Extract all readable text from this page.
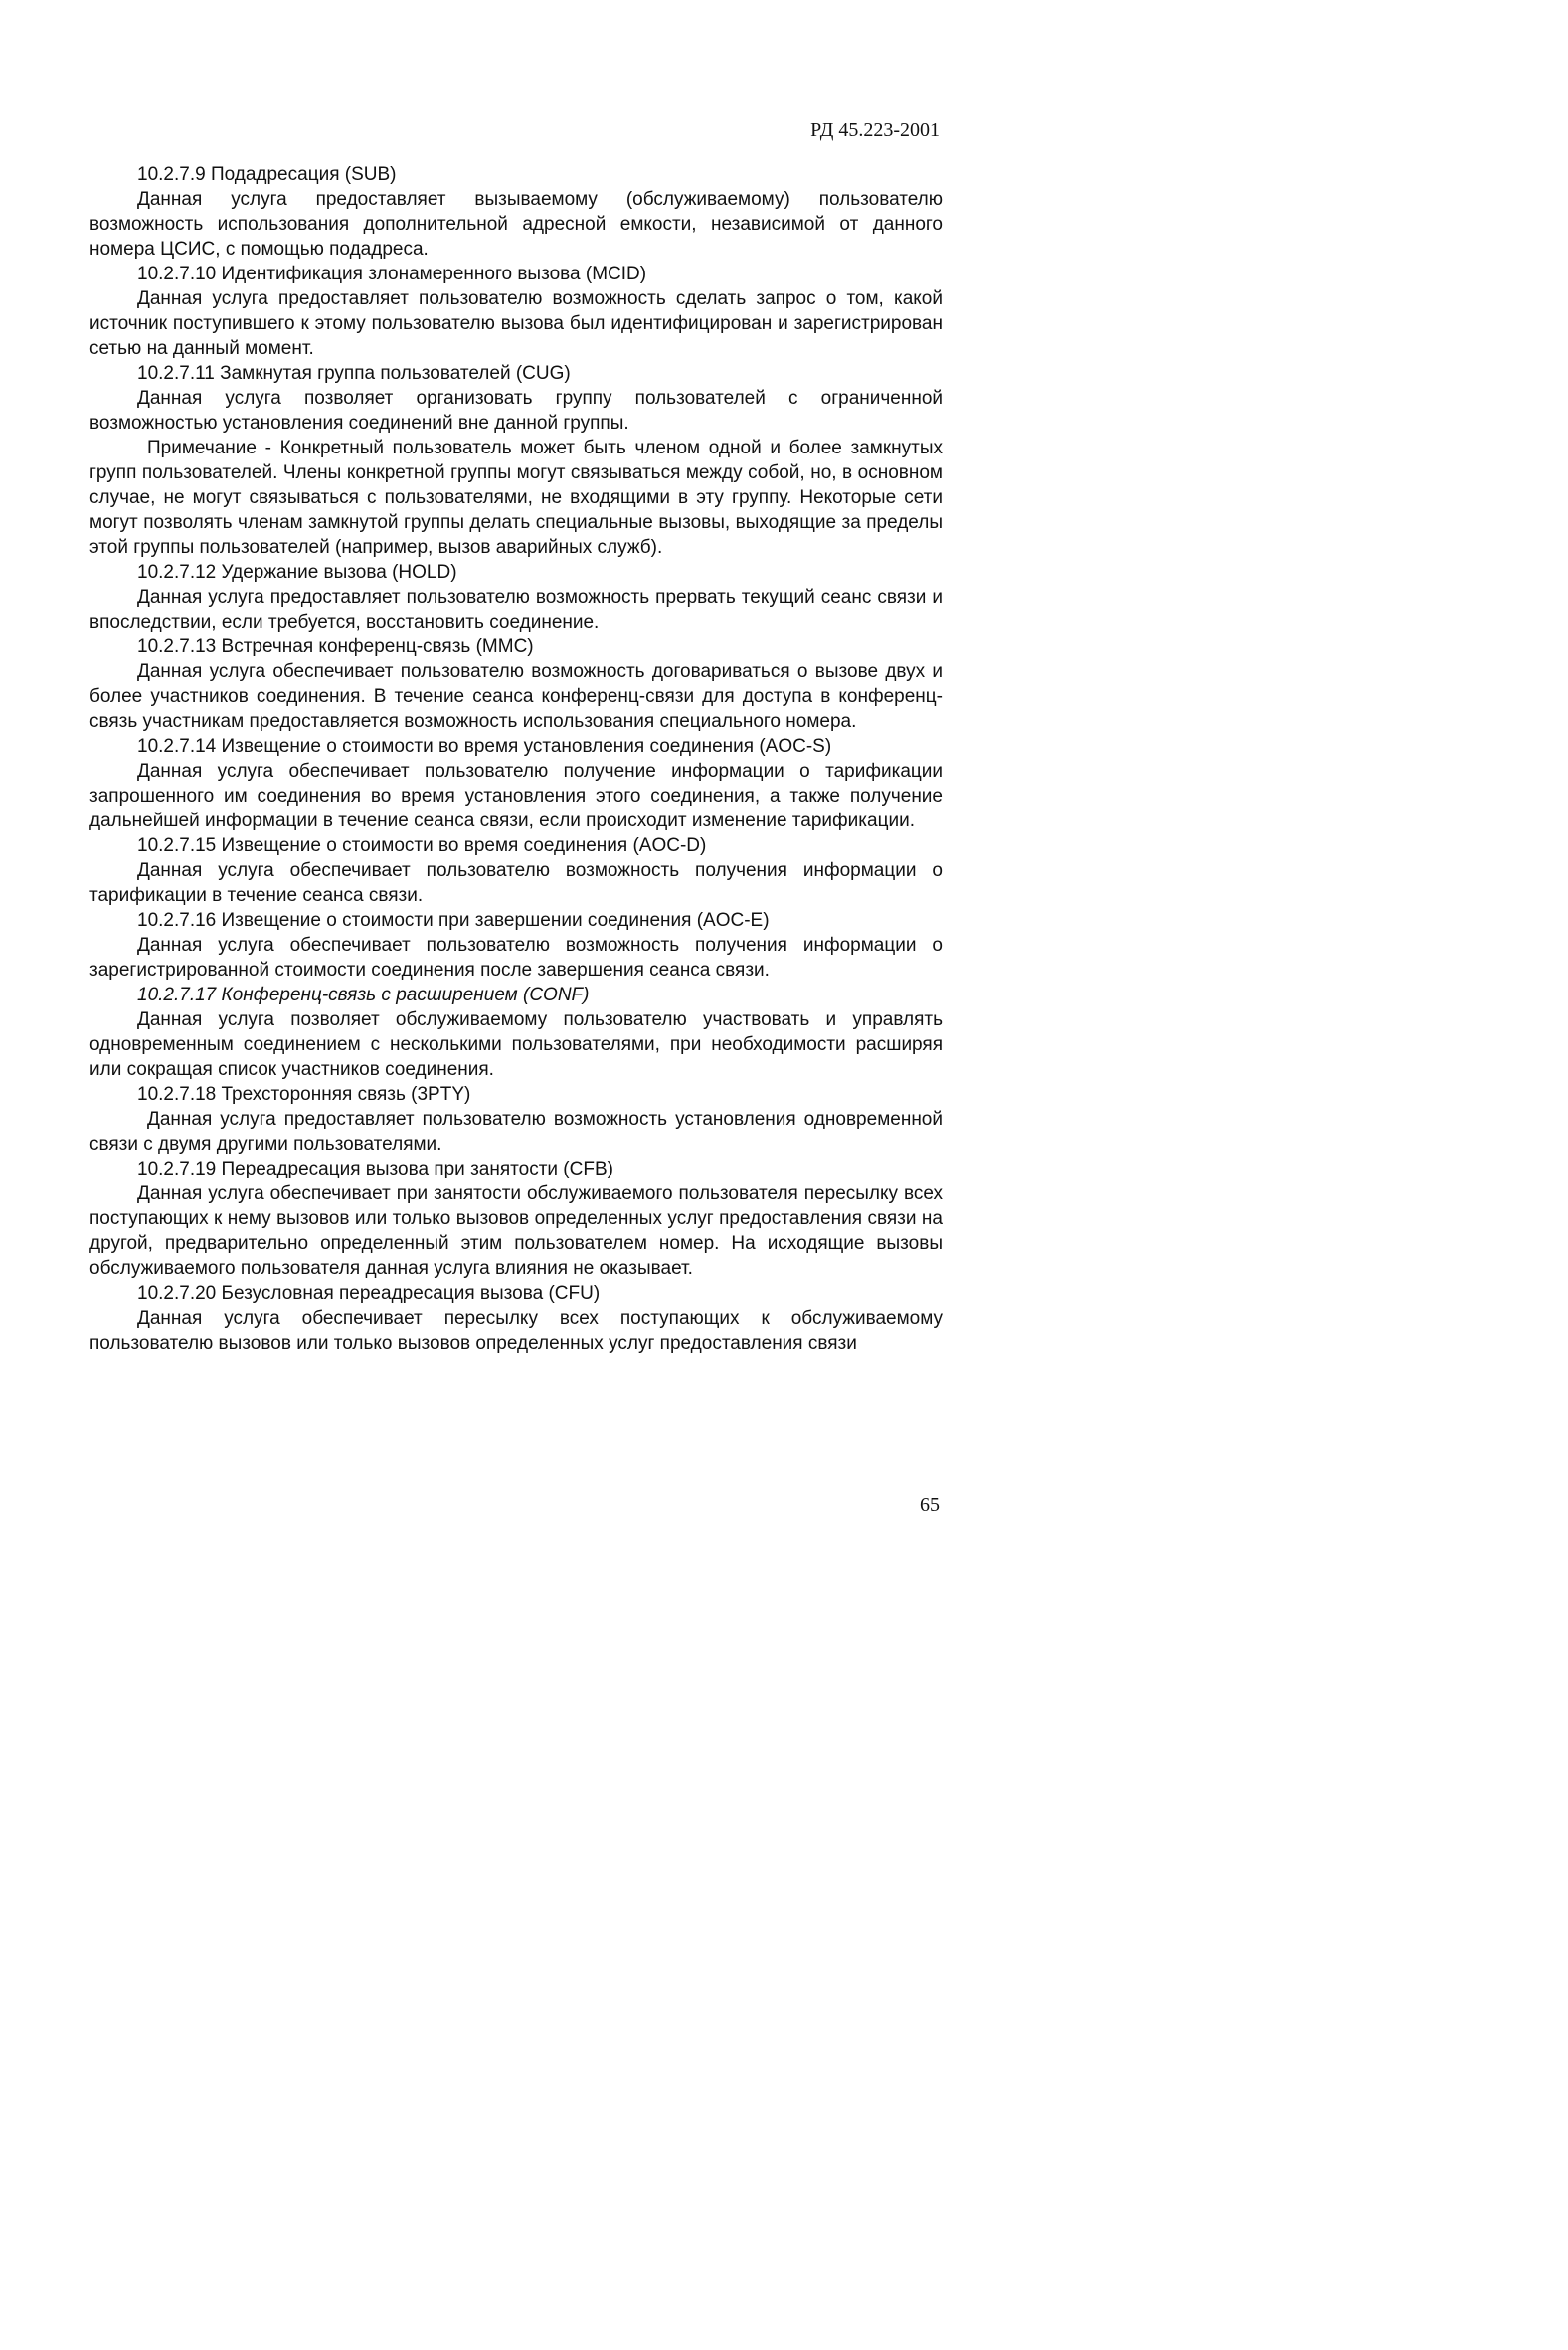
РД 45.223-2001

10.2.7.9 Подадресация (SUB)

Данная услуга предоставляет вызываемому (обслуживаемому) пользователю возможность использования дополнительной адресной емкости, независимой от данного номера ЦСИС, с помощью подадреса.

10.2.7.10 Идентификация злонамеренного вызова (MCID)

Данная услуга предоставляет пользователю возможность сделать запрос о том, какой источник поступившего к этому пользователю вызова был идентифицирован и зарегистрирован сетью на данный момент.

10.2.7.11 Замкнутая группа пользователей (CUG)

Данная услуга позволяет организовать группу пользователей с ограниченной возможностью установления соединений вне данной группы.

Примечание - Конкретный пользователь может быть членом одной и более замкнутых групп пользователей. Члены конкретной группы могут связываться между собой, но, в основном случае, не могут связываться с пользователями, не входящими в эту группу. Некоторые сети могут позволять членам замкнутой группы делать специальные вызовы, выходящие за пределы этой группы пользователей (например, вызов аварийных служб).

10.2.7.12 Удержание вызова (HOLD)

Данная услуга предоставляет пользователю возможность прервать текущий сеанс связи и впоследствии, если требуется, восстановить соединение.

10.2.7.13 Встречная конференц-связь (MMC)

Данная услуга обеспечивает пользователю возможность договариваться о вызове двух и более участников соединения. В течение сеанса конференц-связи для доступа в конференц-связь участникам предоставляется возможность использования специального номера.

10.2.7.14 Извещение о стоимости во время установления соединения (AOC-S)

Данная услуга обеспечивает пользователю получение информации о тарификации запрошенного им соединения во время установления этого соединения, а также получение дальнейшей информации в течение сеанса связи, если происходит изменение тарификации.

10.2.7.15 Извещение о стоимости во время соединения (AOC-D)

Данная услуга обеспечивает пользователю возможность получения информации о тарификации в течение сеанса связи.

10.2.7.16 Извещение о стоимости при завершении соединения (AOC-E)

Данная услуга обеспечивает пользователю возможность получения информации о зарегистрированной стоимости соединения после завершения сеанса связи.

10.2.7.17 Конференц-связь с расширением (CONF)

Данная услуга позволяет обслуживаемому пользователю участвовать и управлять одновременным соединением с несколькими пользователями, при необходимости расширяя или сокращая список участников соединения.

10.2.7.18 Трехсторонняя связь (3PTY)

Данная услуга предоставляет пользователю возможность установления одновременной связи с двумя другими пользователями.

10.2.7.19 Переадресация вызова при занятости (CFB)

Данная услуга обеспечивает при занятости обслуживаемого пользователя пересылку всех поступающих к нему вызовов или только вызовов определенных услуг предоставления связи на другой, предварительно определенный этим пользователем номер. На исходящие вызовы обслуживаемого пользователя данная услуга влияния не оказывает.

10.2.7.20 Безусловная переадресация вызова (CFU)

Данная услуга обеспечивает пересылку всех поступающих к обслуживаемому пользователю вызовов или только вызовов определенных услуг предоставления связи

65
